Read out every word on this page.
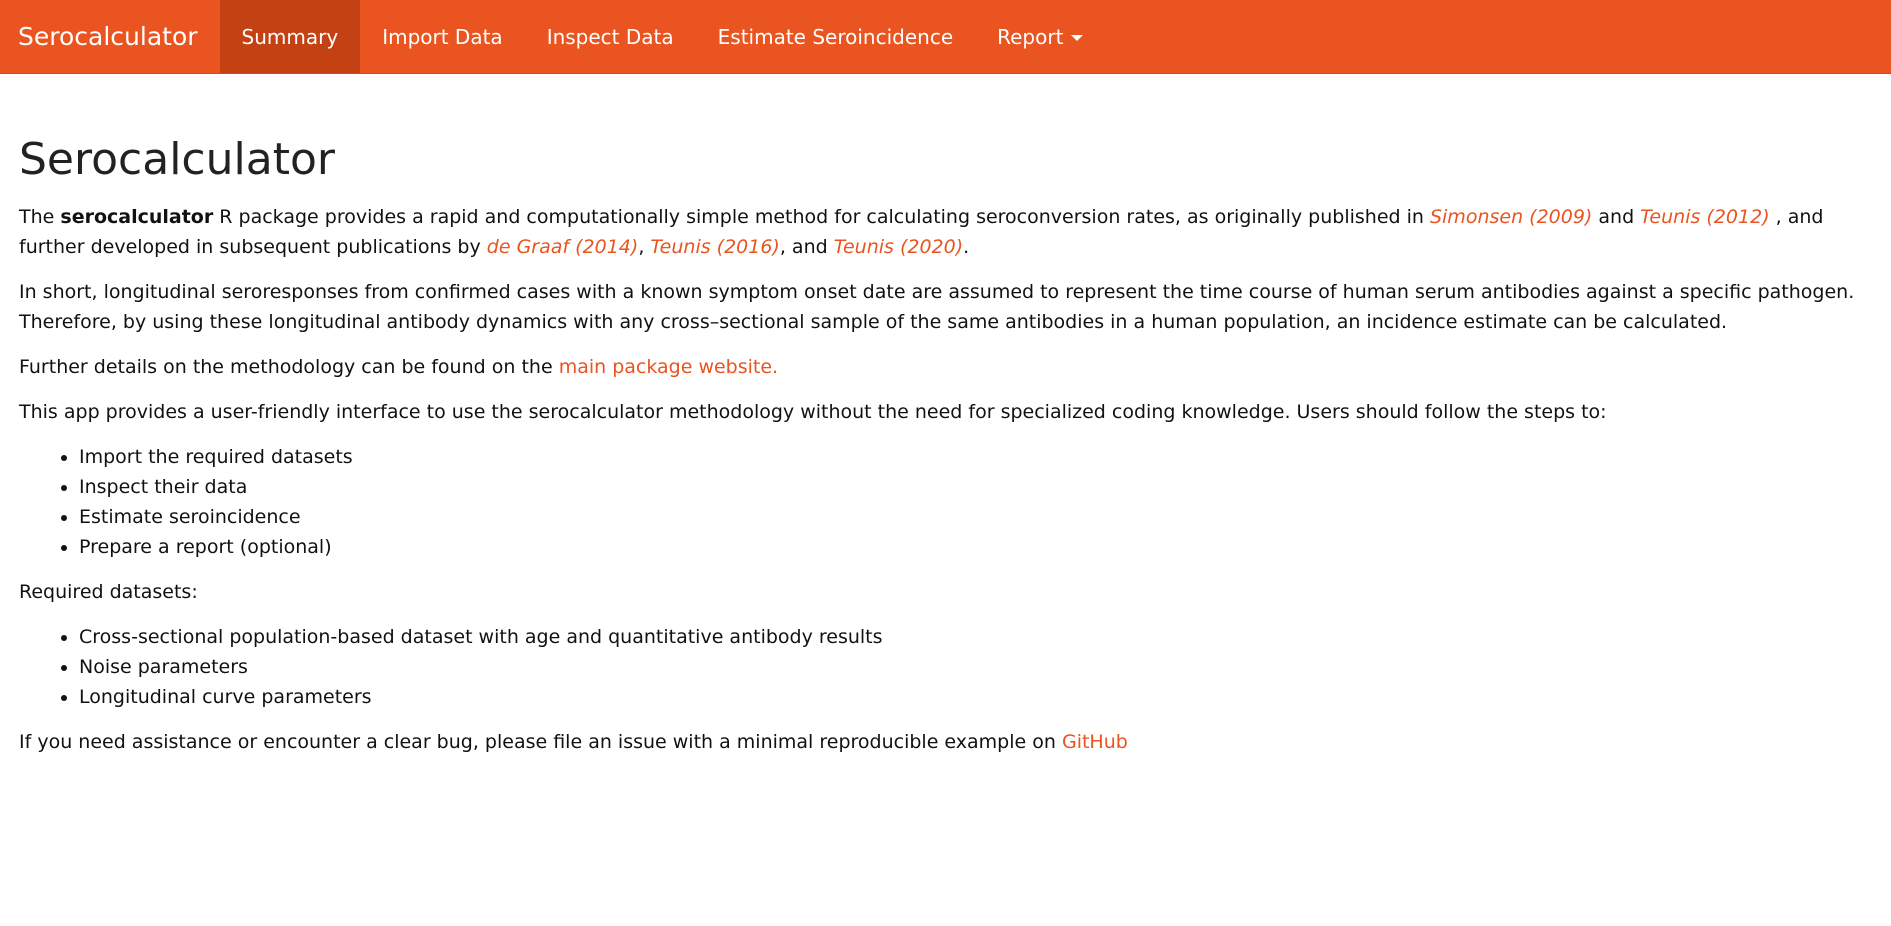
Serocalculator	Summary Import Data Inspect Data Estimate Seroincidence Report
Serocalculator

The serocalculator R package provides a rapid and computationally simple method for calculating seroconversion rates, as originally published in Simonsen (2009) and Teunis (2012) , and further developed in subsequent publications by de Graaf (2014), Teunis (2016), and Teunis (2020).

In short, longitudinal seroresponses from confirmed cases with a known symptom onset date are assumed to represent the time course of human serum antibodies against a specific pathogen. Therefore, by using these longitudinal antibody dynamics with any cross–sectional sample of the same antibodies in a human population, an incidence estimate can be calculated.

Further details on the methodology can be found on the main package website.

This app provides a user-friendly interface to use the serocalculator methodology without the need for specialized coding knowledge. Users should follow the steps to:

• Import the required datasets
• Inspect their data
• Estimate seroincidence
• Prepare a report (optional)

Required datasets:

• Cross-sectional population-based dataset with age and quantitative antibody results
• Noise parameters
• Longitudinal curve parameters

If you need assistance or encounter a clear bug, please file an issue with a minimal reproducible example on GitHub
